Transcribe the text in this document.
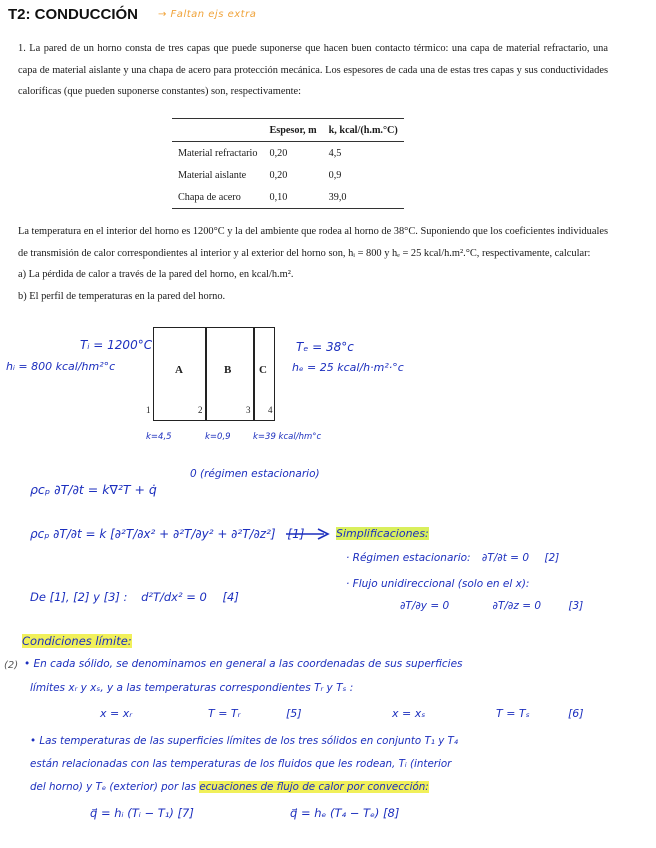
T2: CONDUCCIÓN → Faltan ejs extra
1. La pared de un horno consta de tres capas que puede suponerse que hacen buen contacto térmico: una capa de material refractario, una capa de material aislante y una chapa de acero para protección mecánica. Los espesores de cada una de estas tres capas y sus conductividades caloríficas (que pueden suponerse constantes) son, respectivamente:
	Espesor, m	k, kcal/(h.m.°C)
Material refractario	0,20	4,5
Material aislante	0,20	0,9
Chapa de acero	0,10	39,0
La temperatura en el interior del horno es 1200°C y la del ambiente que rodea al horno de 38°C. Suponiendo que los coeficientes individuales de transmisión de calor correspondientes al interior y al exterior del horno son, hᵢ = 800 y hₑ = 25 kcal/h.m².°C, respectivamente, calcular:
a) La pérdida de calor a través de la pared del horno, en kcal/h.m².
b) El perfil de temperaturas en la pared del horno.
Tᵢ = 1200°C
hᵢ = 800 kcal/hm²°c
Tₑ = 38°c
hₑ = 25 kcal/h·m²·°c
A	B	C
1	2	3 4
k=4,5	k=0,9	k=39 kcal/hm°c
ρcₚ ∂T/∂t = k∇²T + q̇
0 (régimen estacionario)
ρcₚ ∂T/∂t = k [∂²T/∂x² + ∂²T/∂y² + ∂²T/∂z²] [1]	Simplificaciones:
· Régimen estacionario: ∂T/∂t = 0 [2]
· Flujo unidireccional (solo en el x):
∂T/∂y = 0	∂T/∂z = 0	[3]
De [1], [2] y [3] : d²T/dx² = 0 [4]
Condiciones límite:
(2) • En cada sólido, se denominamos en general a las coordenadas de sus superficies
límites xᵣ y xₛ, y a las temperaturas correspondientes Tᵣ y Tₛ :
x = xᵣ	T = Tᵣ	[5]	x = xₛ	T = Tₛ	[6]
• Las temperaturas de las superficies límites de los tres sólidos en conjunto T₁ y T₄
están relacionadas con las temperaturas de los fluidos que les rodean, Tᵢ (interior
del horno) y Tₑ (exterior) por las ecuaciones de flujo de calor por convección:
q⃗ = hᵢ (Tᵢ − T₁) [7]	q⃗ = hₑ (T₄ − Tₑ) [8]
